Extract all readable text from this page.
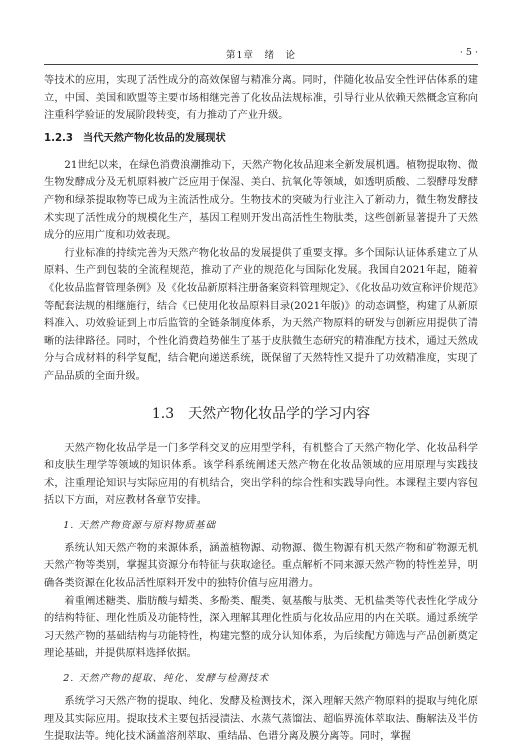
第1章　绪　论	· 5 ·

等技术的应用，实现了活性成分的高效保留与精准分离。同时，伴随化妆品安全性评估体系的建立，中国、美国和欧盟等主要市场相继完善了化妆品法规标准，引导行业从依赖天然概念宣称向注重科学验证的发展阶段转变，有力推动了产业升级。

1.2.3 当代天然产物化妆品的发展现状

21世纪以来，在绿色消费浪潮推动下，天然产物化妆品迎来全新发展机遇。植物提取物、微生物发酵成分及无机原料被广泛应用于保湿、美白、抗氧化等领域，如透明质酸、二裂酵母发酵产物和绿茶提取物等已成为主流活性成分。生物技术的突破为行业注入了新动力，微生物发酵技术实现了活性成分的规模化生产，基因工程则开发出高活性生物肽类，这些创新显著提升了天然成分的应用广度和功效表现。

行业标准的持续完善为天然产物化妆品的发展提供了重要支撑。多个国际认证体系建立了从原料、生产到包装的全流程规范，推动了产业的规范化与国际化发展。我国自2021年起，随着《化妆品监督管理条例》及《化妆品新原料注册备案资料管理规定》、《化妆品功效宣称评价规范》等配套法规的相继施行，结合《已使用化妆品原料目录(2021年版)》的动态调整，构建了从新原料准入、功效验证到上市后监管的全链条制度体系，为天然产物原料的研发与创新应用提供了清晰的法律路径。同时，个性化消费趋势催生了基于皮肤微生态研究的精准配方技术，通过天然成分与合成材料的科学复配，结合靶向递送系统，既保留了天然特性又提升了功效精准度，实现了产品品质的全面升级。

1.3 天然产物化妆品学的学习内容

天然产物化妆品学是一门多学科交叉的应用型学科，有机整合了天然产物化学、化妆品科学和皮肤生理学等领域的知识体系。该学科系统阐述天然产物在化妆品领域的应用原理与实践技术，注重理论知识与实际应用的有机结合，突出学科的综合性和实践导向性。本课程主要内容包括以下方面，对应教材各章节安排。

1. 天然产物资源与原料物质基础

系统认知天然产物的来源体系，涵盖植物源、动物源、微生物源有机天然产物和矿物源无机天然产物等类别，掌握其资源分布特征与获取途径。重点解析不同来源天然产物的特性差异，明确各类资源在化妆品活性原料开发中的独特价值与应用潜力。

着重阐述糖类、脂肪酸与蜡类、多酚类、醌类、氨基酸与肽类、无机盐类等代表性化学成分的结构特征、理化性质及功能特性，深入理解其理化性质与化妆品应用的内在关联。通过系统学习天然产物的基础结构与功能特性，构建完整的成分认知体系，为后续配方筛选与产品创新奠定理论基础，并提供原料选择依据。

2. 天然产物的提取、纯化、发酵与检测技术

系统学习天然产物的提取、纯化、发酵及检测技术，深入理解天然产物原料的提取与纯化原理及其实际应用。提取技术主要包括浸渍法、水蒸气蒸馏法、超临界流体萃取法、酶解法及半仿生提取法等。纯化技术涵盖溶剂萃取、重结晶、色谱分离及膜分离等。同时，掌握
